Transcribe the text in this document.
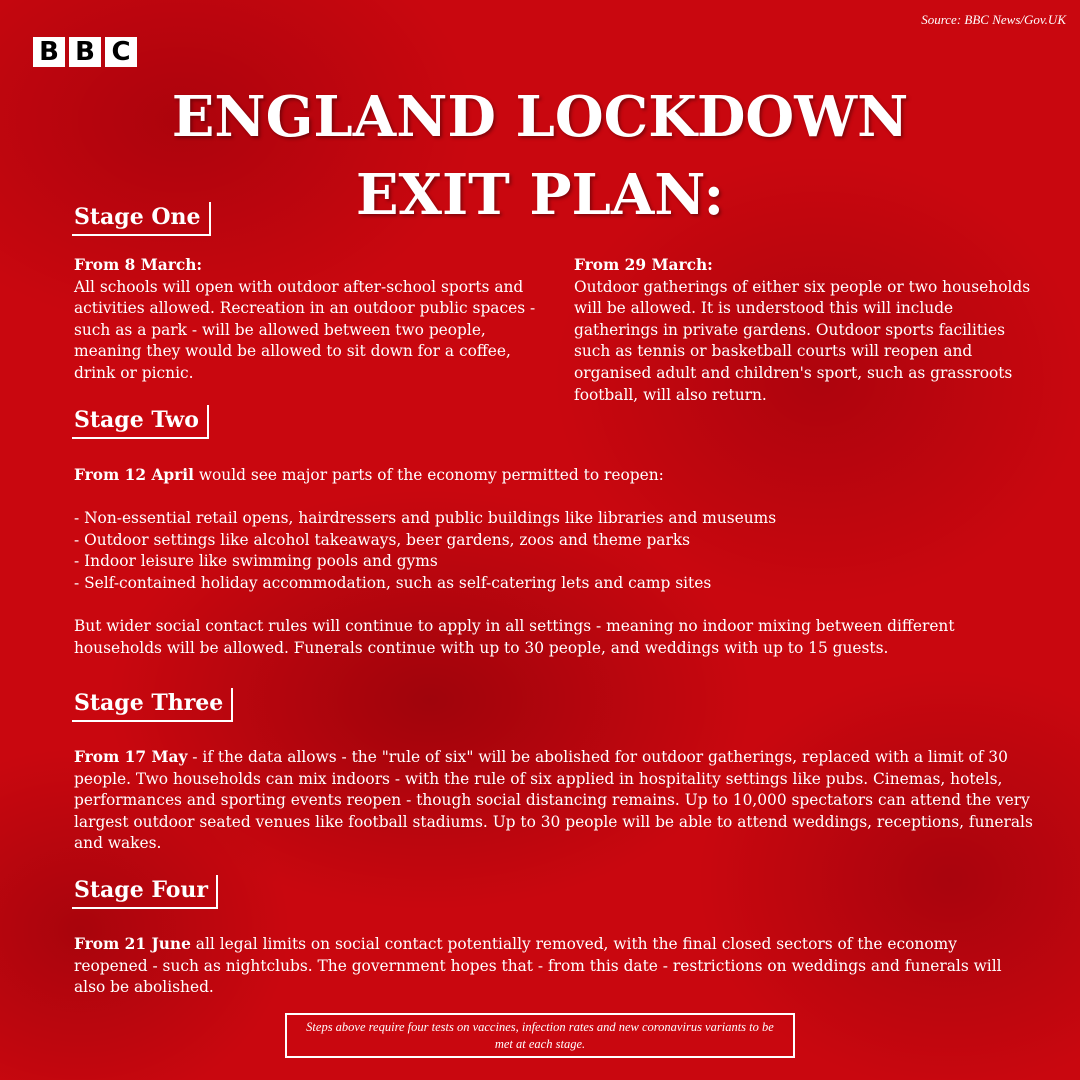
Source: BBC News/Gov.UK
B B C
ENGLAND LOCKDOWN
EXIT PLAN:
Stage One
From 8 March:
All schools will open with outdoor after-school sports and activities allowed. Recreation in an outdoor public spaces - such as a park - will be allowed between two people, meaning they would be allowed to sit down for a coffee, drink or picnic.
From 29 March:
Outdoor gatherings of either six people or two households will be allowed. It is understood this will include gatherings in private gardens. Outdoor sports facilities such as tennis or basketball courts will reopen and organised adult and children's sport, such as grassroots football, will also return.
Stage Two

From 12 April would see major parts of the economy permitted to reopen:

- Non-essential retail opens, hairdressers and public buildings like libraries and museums
- Outdoor settings like alcohol takeaways, beer gardens, zoos and theme parks
- Indoor leisure like swimming pools and gyms
- Self-contained holiday accommodation, such as self-catering lets and camp sites

But wider social contact rules will continue to apply in all settings - meaning no indoor mixing between different households will be allowed. Funerals continue with up to 30 people, and weddings with up to 15 guests.

Stage Three
From 17 May - if the data allows - the "rule of six" will be abolished for outdoor gatherings, replaced with a limit of 30 people. Two households can mix indoors - with the rule of six applied in hospitality settings like pubs. Cinemas, hotels, performances and sporting events reopen - though social distancing remains. Up to 10,000 spectators can attend the very largest outdoor seated venues like football stadiums. Up to 30 people will be able to attend weddings, receptions, funerals and wakes.
Stage Four
From 21 June all legal limits on social contact potentially removed, with the final closed sectors of the economy reopened - such as nightclubs. The government hopes that - from this date - restrictions on weddings and funerals will also be abolished.
Steps above require four tests on vaccines, infection rates and new coronavirus variants to be met at each stage.
